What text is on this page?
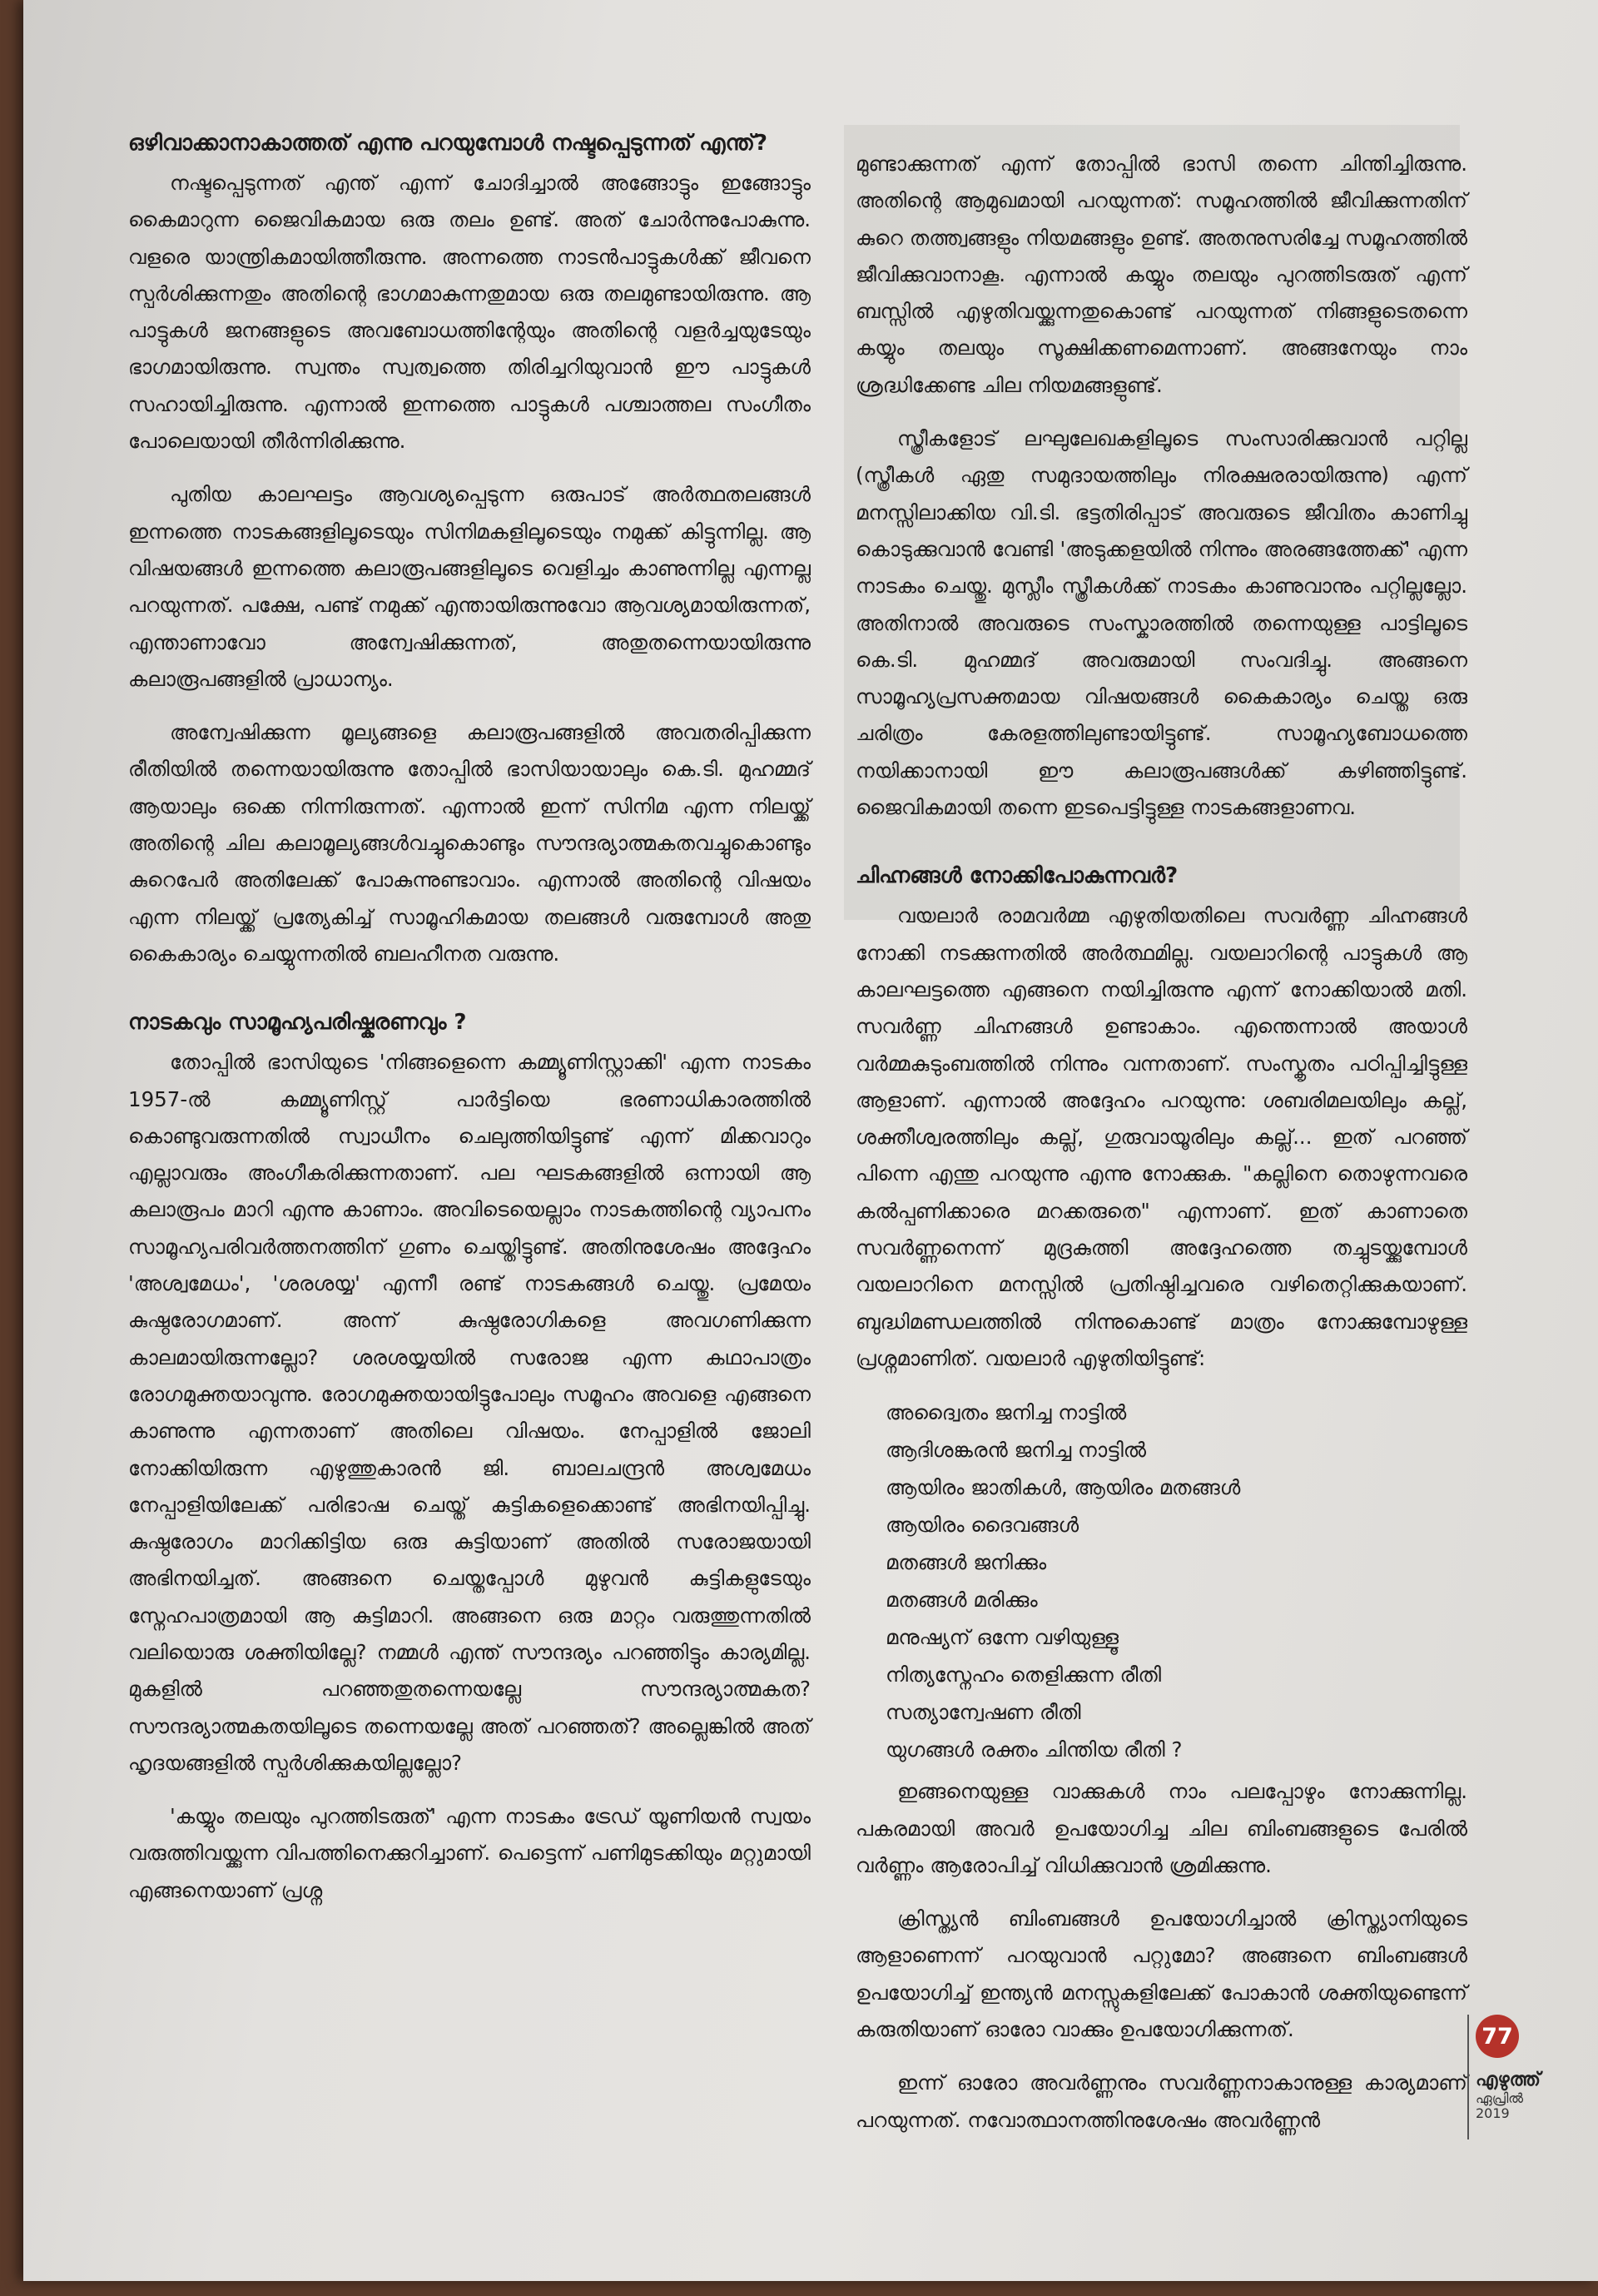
ഒഴിവാക്കാനാകാത്തത് എന്നു പറയുമ്പോൾ നഷ്ടപ്പെടുന്നത് എന്ത്?

നഷ്ടപ്പെടുന്നത് എന്ത് എന്ന് ചോദിച്ചാൽ അങ്ങോട്ടും ഇങ്ങോട്ടും കൈമാറുന്ന ജൈവികമായ ഒരു തലം ഉണ്ട്. അത് ചോർന്നുപോകുന്നു. വളരെ യാന്ത്രികമായിത്തീരുന്നു. അന്നത്തെ നാടൻപാട്ടുകൾക്ക് ജീവനെ സ്പർശിക്കുന്നതും അതിന്റെ ഭാഗമാകുന്നതുമായ ഒരു തലമുണ്ടായിരുന്നു. ആ പാട്ടുകൾ ജനങ്ങളുടെ അവബോധത്തിന്റേയും അതിന്റെ വളർച്ചയുടേയും ഭാഗമായിരുന്നു. സ്വന്തം സ്വത്വത്തെ തിരിച്ചറിയുവാൻ ഈ പാട്ടുകൾ സഹായിച്ചിരുന്നു. എന്നാൽ ഇന്നത്തെ പാട്ടുകൾ പശ്ചാത്തല സംഗീതം പോലെയായി തീർന്നിരിക്കുന്നു.

പുതിയ കാലഘട്ടം ആവശ്യപ്പെടുന്ന ഒരുപാട് അർത്ഥതലങ്ങൾ ഇന്നത്തെ നാടകങ്ങളിലൂടെയും സിനിമകളിലൂടെയും നമുക്ക് കിട്ടുന്നില്ല. ആ വിഷയങ്ങൾ ഇന്നത്തെ കലാരൂപങ്ങളിലൂടെ വെളിച്ചം കാണുന്നില്ല എന്നല്ല പറയുന്നത്. പക്ഷേ, പണ്ട് നമുക്ക് എന്തായിരുന്നുവോ ആവശ്യമായിരുന്നത്, എന്താണാവോ അന്വേഷിക്കുന്നത്, അതുതന്നെയായിരുന്നു കലാരൂപങ്ങളിൽ പ്രാധാന്യം.

അന്വേഷിക്കുന്ന മൂല്യങ്ങളെ കലാരൂപങ്ങളിൽ അവതരിപ്പിക്കുന്ന രീതിയിൽ തന്നെയായിരുന്നു തോപ്പിൽ ഭാസിയായാലും കെ.ടി. മുഹമ്മദ് ആയാലും ഒക്കെ നിന്നിരുന്നത്. എന്നാൽ ഇന്ന് സിനിമ എന്ന നിലയ്ക്ക് അതിന്റെ ചില കലാമൂല്യങ്ങൾവച്ചുകൊണ്ടും സൗന്ദര്യാത്മകതവച്ചുകൊണ്ടും കുറെപേർ അതിലേക്ക് പോകുന്നുണ്ടാവാം. എന്നാൽ അതിന്റെ വിഷയം എന്ന നിലയ്ക്ക് പ്രത്യേകിച്ച് സാമൂഹികമായ തലങ്ങൾ വരുമ്പോൾ അതു കൈകാര്യം ചെയ്യുന്നതിൽ ബലഹീനത വരുന്നു.

നാടകവും സാമൂഹ്യപരിഷ്കരണവും ?

തോപ്പിൽ ഭാസിയുടെ 'നിങ്ങളെന്നെ കമ്മ്യൂണിസ്റ്റാക്കി' എന്ന നാടകം 1957-ൽ കമ്മ്യൂണിസ്റ്റ് പാർട്ടിയെ ഭരണാധികാരത്തിൽ കൊണ്ടുവരുന്നതിൽ സ്വാധീനം ചെലുത്തിയിട്ടുണ്ട് എന്ന് മിക്കവാറും എല്ലാവരും അംഗീകരിക്കുന്നതാണ്. പല ഘടകങ്ങളിൽ ഒന്നായി ആ കലാരൂപം മാറി എന്നു കാണാം. അവിടെയെല്ലാം നാടകത്തിന്റെ വ്യാപനം സാമൂഹ്യപരിവർത്തനത്തിന് ഗുണം ചെയ്തിട്ടുണ്ട്. അതിനുശേഷം അദ്ദേഹം 'അശ്വമേധം', 'ശരശയ്യ' എന്നീ രണ്ട് നാടകങ്ങൾ ചെയ്തു. പ്രമേയം കുഷ്ഠരോഗമാണ്. അന്ന് കുഷ്ഠരോഗികളെ അവഗണിക്കുന്ന കാലമായിരുന്നല്ലോ? ശരശയ്യയിൽ സരോജ എന്ന കഥാപാത്രം രോഗമുക്തയാവുന്നു. രോഗമുക്തയായിട്ടുപോലും സമൂഹം അവളെ എങ്ങനെ കാണുന്നു എന്നതാണ് അതിലെ വിഷയം. നേപ്പാളിൽ ജോലി നോക്കിയിരുന്ന എഴുത്തുകാരൻ ജി. ബാലചന്ദ്രൻ അശ്വമേധം നേപ്പാളിയിലേക്ക് പരിഭാഷ ചെയ്ത് കുട്ടികളെക്കൊണ്ട് അഭിനയിപ്പിച്ചു. കുഷ്ഠരോഗം മാറിക്കിട്ടിയ ഒരു കുട്ടിയാണ് അതിൽ സരോജയായി അഭിനയിച്ചത്. അങ്ങനെ ചെയ്തപ്പോൾ മുഴുവൻ കുട്ടികളുടേയും സ്നേഹപാത്രമായി ആ കുട്ടിമാറി. അങ്ങനെ ഒരു മാറ്റം വരുത്തുന്നതിൽ വലിയൊരു ശക്തിയില്ലേ? നമ്മൾ എന്ത് സൗന്ദര്യം പറഞ്ഞിട്ടും കാര്യമില്ല. മുകളിൽ പറഞ്ഞതുതന്നെയല്ലേ സൗന്ദര്യാത്മകത? സൗന്ദര്യാത്മകതയിലൂടെ തന്നെയല്ലേ അത് പറഞ്ഞത്? അല്ലെങ്കിൽ അത് ഹൃദയങ്ങളിൽ സ്പർശിക്കുകയില്ലല്ലോ?

'കയ്യും തലയും പുറത്തിടരുത്' എന്ന നാടകം ട്രേഡ് യൂണിയൻ സ്വയം വരുത്തിവയ്ക്കുന്ന വിപത്തിനെക്കുറിച്ചാണ്. പെട്ടെന്ന് പണിമുടക്കിയും മറ്റുമായി എങ്ങനെയാണ് പ്രശ്ന

മുണ്ടാക്കുന്നത് എന്ന് തോപ്പിൽ ഭാസി തന്നെ ചിന്തിച്ചിരുന്നു. അതിന്റെ ആമുഖമായി പറയുന്നത്: സമൂഹത്തിൽ ജീവിക്കുന്നതിന് കുറെ തത്ത്വങ്ങളും നിയമങ്ങളും ഉണ്ട്. അതനുസരിച്ചേ സമൂഹത്തിൽ ജീവിക്കുവാനാകൂ. എന്നാൽ കയ്യും തലയും പുറത്തിടരുത് എന്ന് ബസ്സിൽ എഴുതിവയ്ക്കുന്നതുകൊണ്ട് പറയുന്നത് നിങ്ങളുടെതന്നെ കയ്യും തലയും സൂക്ഷിക്കണമെന്നാണ്. അങ്ങനേയും നാം ശ്രദ്ധിക്കേണ്ട ചില നിയമങ്ങളുണ്ട്.

സ്ത്രീകളോട് ലഘുലേഖകളിലൂടെ സംസാരിക്കുവാൻ പറ്റില്ല (സ്ത്രീകൾ ഏതു സമുദായത്തിലും നിരക്ഷരരായിരുന്നു) എന്ന് മനസ്സിലാക്കിയ വി.ടി. ഭട്ടതിരിപ്പാട് അവരുടെ ജീവിതം കാണിച്ചു കൊടുക്കുവാൻ വേണ്ടി 'അടുക്കളയിൽ നിന്നും അരങ്ങത്തേക്ക്' എന്ന നാടകം ചെയ്തു. മുസ്ലീം സ്ത്രീകൾക്ക് നാടകം കാണുവാനും പറ്റില്ലല്ലോ. അതിനാൽ അവരുടെ സംസ്കാരത്തിൽ തന്നെയുള്ള പാട്ടിലൂടെ കെ.ടി. മുഹമ്മദ് അവരുമായി സംവദിച്ചു. അങ്ങനെ സാമൂഹ്യപ്രസക്തമായ വിഷയങ്ങൾ കൈകാര്യം ചെയ്ത ഒരു ചരിത്രം കേരളത്തിലുണ്ടായിട്ടുണ്ട്. സാമൂഹ്യബോധത്തെ നയിക്കാനായി ഈ കലാരൂപങ്ങൾക്ക് കഴിഞ്ഞിട്ടുണ്ട്. ജൈവികമായി തന്നെ ഇടപെട്ടിട്ടുള്ള നാടകങ്ങളാണവ.

ചിഹ്നങ്ങൾ നോക്കിപോകുന്നവർ?

വയലാർ രാമവർമ്മ എഴുതിയതിലെ സവർണ്ണ ചിഹ്നങ്ങൾ നോക്കി നടക്കുന്നതിൽ അർത്ഥമില്ല. വയലാറിന്റെ പാട്ടുകൾ ആ കാലഘട്ടത്തെ എങ്ങനെ നയിച്ചിരുന്നു എന്ന് നോക്കിയാൽ മതി. സവർണ്ണ ചിഹ്നങ്ങൾ ഉണ്ടാകാം. എന്തെന്നാൽ അയാൾ വർമ്മകുടുംബത്തിൽ നിന്നും വന്നതാണ്. സംസ്കൃതം പഠിപ്പിച്ചിട്ടുള്ള ആളാണ്. എന്നാൽ അദ്ദേഹം പറയുന്നു: ശബരിമലയിലും കല്ല്, ശക്തീശ്വരത്തിലും കല്ല്, ഗുരുവായൂരിലും കല്ല്... ഇത് പറഞ്ഞ് പിന്നെ എന്തു പറയുന്നു എന്നു നോക്കുക. "കല്ലിനെ തൊഴുന്നവരെ കൽപ്പണിക്കാരെ മറക്കരുതെ" എന്നാണ്. ഇത് കാണാതെ സവർണ്ണനെന്ന് മുദ്രകുത്തി അദ്ദേഹത്തെ തച്ചുടയ്ക്കുമ്പോൾ വയലാറിനെ മനസ്സിൽ പ്രതിഷ്ഠിച്ചവരെ വഴിതെറ്റിക്കുകയാണ്. ബുദ്ധിമണ്ഡലത്തിൽ നിന്നുകൊണ്ട് മാത്രം നോക്കുമ്പോഴുള്ള പ്രശ്നമാണിത്. വയലാർ എഴുതിയിട്ടുണ്ട്:

അദ്വൈതം ജനിച്ച നാട്ടിൽ
ആദിശങ്കരൻ ജനിച്ച നാട്ടിൽ
ആയിരം ജാതികൾ, ആയിരം മതങ്ങൾ
ആയിരം ദൈവങ്ങൾ
മതങ്ങൾ ജനിക്കും
മതങ്ങൾ മരിക്കും
മനുഷ്യന് ഒന്നേ വഴിയുള്ളൂ
നിത്യസ്നേഹം തെളിക്കുന്ന രീതി
സത്യാന്വേഷണ രീതി
യുഗങ്ങൾ രക്തം ചിന്തിയ രീതി ?

ഇങ്ങനെയുള്ള വാക്കുകൾ നാം പലപ്പോഴും നോക്കുന്നില്ല. പകരമായി അവർ ഉപയോഗിച്ച ചില ബിംബങ്ങളുടെ പേരിൽ വർണ്ണം ആരോപിച്ച് വിധിക്കുവാൻ ശ്രമിക്കുന്നു.

ക്രിസ്ത്യൻ ബിംബങ്ങൾ ഉപയോഗിച്ചാൽ ക്രിസ്ത്യാനിയുടെ ആളാണെന്ന് പറയുവാൻ പറ്റുമോ? അങ്ങനെ ബിംബങ്ങൾ ഉപയോഗിച്ച് ഇന്ത്യൻ മനസ്സുകളിലേക്ക് പോകാൻ ശക്തിയുണ്ടെന്ന് കരുതിയാണ് ഓരോ വാക്കും ഉപയോഗിക്കുന്നത്.

ഇന്ന് ഓരോ അവർണ്ണനും സവർണ്ണനാകാനുള്ള കാര്യമാണ് പറയുന്നത്. നവോത്ഥാനത്തിനുശേഷം അവർണ്ണൻ

77
എഴുത്ത്
ഏപ്രിൽ
2019
